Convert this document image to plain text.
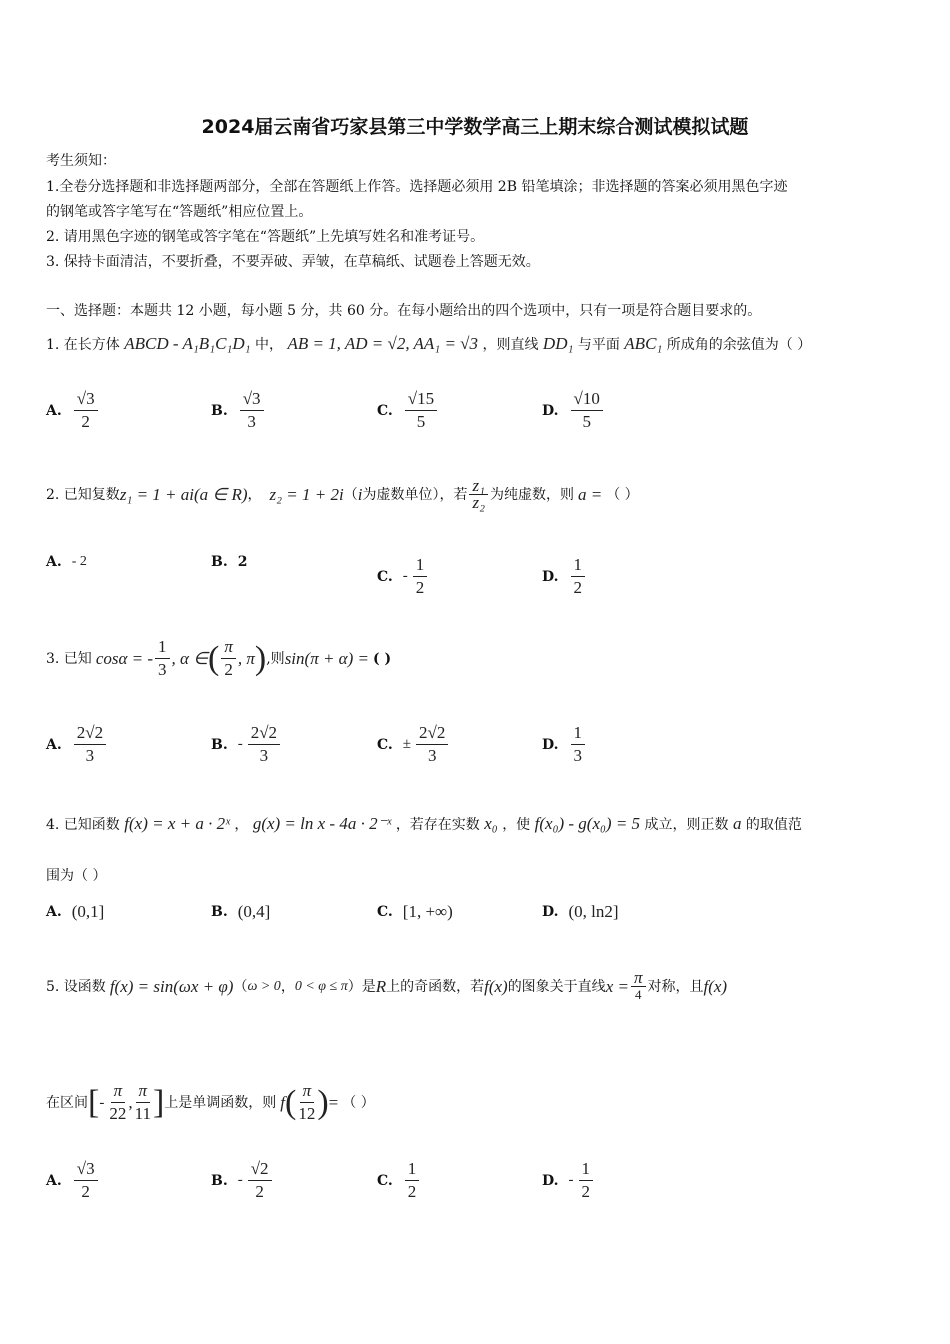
2024届云南省巧家县第三中学数学高三上期末综合测试模拟试题
考生须知：
1.全卷分选择题和非选择题两部分，全部在答题纸上作答。选择题必须用 2B 铅笔填涂；非选择题的答案必须用黑色字迹
的钢笔或答字笔写在“答题纸”相应位置上。
2. 请用黑色字迹的钢笔或答字笔在“答题纸”上先填写姓名和准考证号。
3. 保持卡面清洁，不要折叠，不要弄破、弄皱，在草稿纸、试题卷上答题无效。
一、选择题：本题共 12 小题，每小题 5 分，共 60 分。在每小题给出的四个选项中，只有一项是符合题目要求的。
1. 在长方体 ABCD - A₁B₁C₁D₁ 中， AB = 1, AD = √2, AA₁ = √3 ，则直线 DD₁ 与平面 ABC₁ 所成角的余弦值为（ ）
A. $\frac{√3}{2}$	B. $\frac{√3}{3}$	C. $\frac{√15}{5}$	D. $\frac{√10}{5}$
2. 已知复数 z₁ = 1 + ai(a ∈ R) ， z₂ = 1 + 2i （ i 为虚数单位），若 $\frac{\text{z₁}}{\text{z₂}}$ 为纯虚数，则 a = （ ）
A. - 2	B. 2
C. - $\frac{1}{2}$	D. $\frac{1}{2}$
3. 已知 cosα = - $\frac{1}{3}$ , α ∈ ( $\frac{\pi}{2}$ , π ) ,则 sin(π + α) = ( )
A. $\frac{2√2}{3}$	B. - $\frac{2√2}{3}$	C. ± $\frac{2√2}{3}$	D. $\frac{1}{3}$
4. 已知函数 f(x) = x + a · 2ˣ ， g(x) = ln x - 4a · 2⁻ˣ ，若存在实数 x₀ ，使 f(x₀) - g(x₀) = 5 成立，则正数 a 的取值范
围为（ ）
A. (0,1]	B. (0,4]	C. [1, +∞)	D. (0, ln2]
5. 设函数 f(x) = sin(ωx + φ) （ ω > 0 ， 0 < φ ≤ π ）是 R 上的奇函数，若 f(x) 的图象关于直线 $x = \frac{\pi}{4}$ 对称，且 f(x)
在区间 [ - $\frac{\pi}{22}$ , $\frac{\pi}{11}$ ] 上是单调函数，则 f ( $\frac{\pi}{12}$ ) = （ ）
A. $\frac{√3}{2}$	B. - $\frac{√2}{2}$	C. $\frac{1}{2}$	D. - $\frac{1}{2}$
